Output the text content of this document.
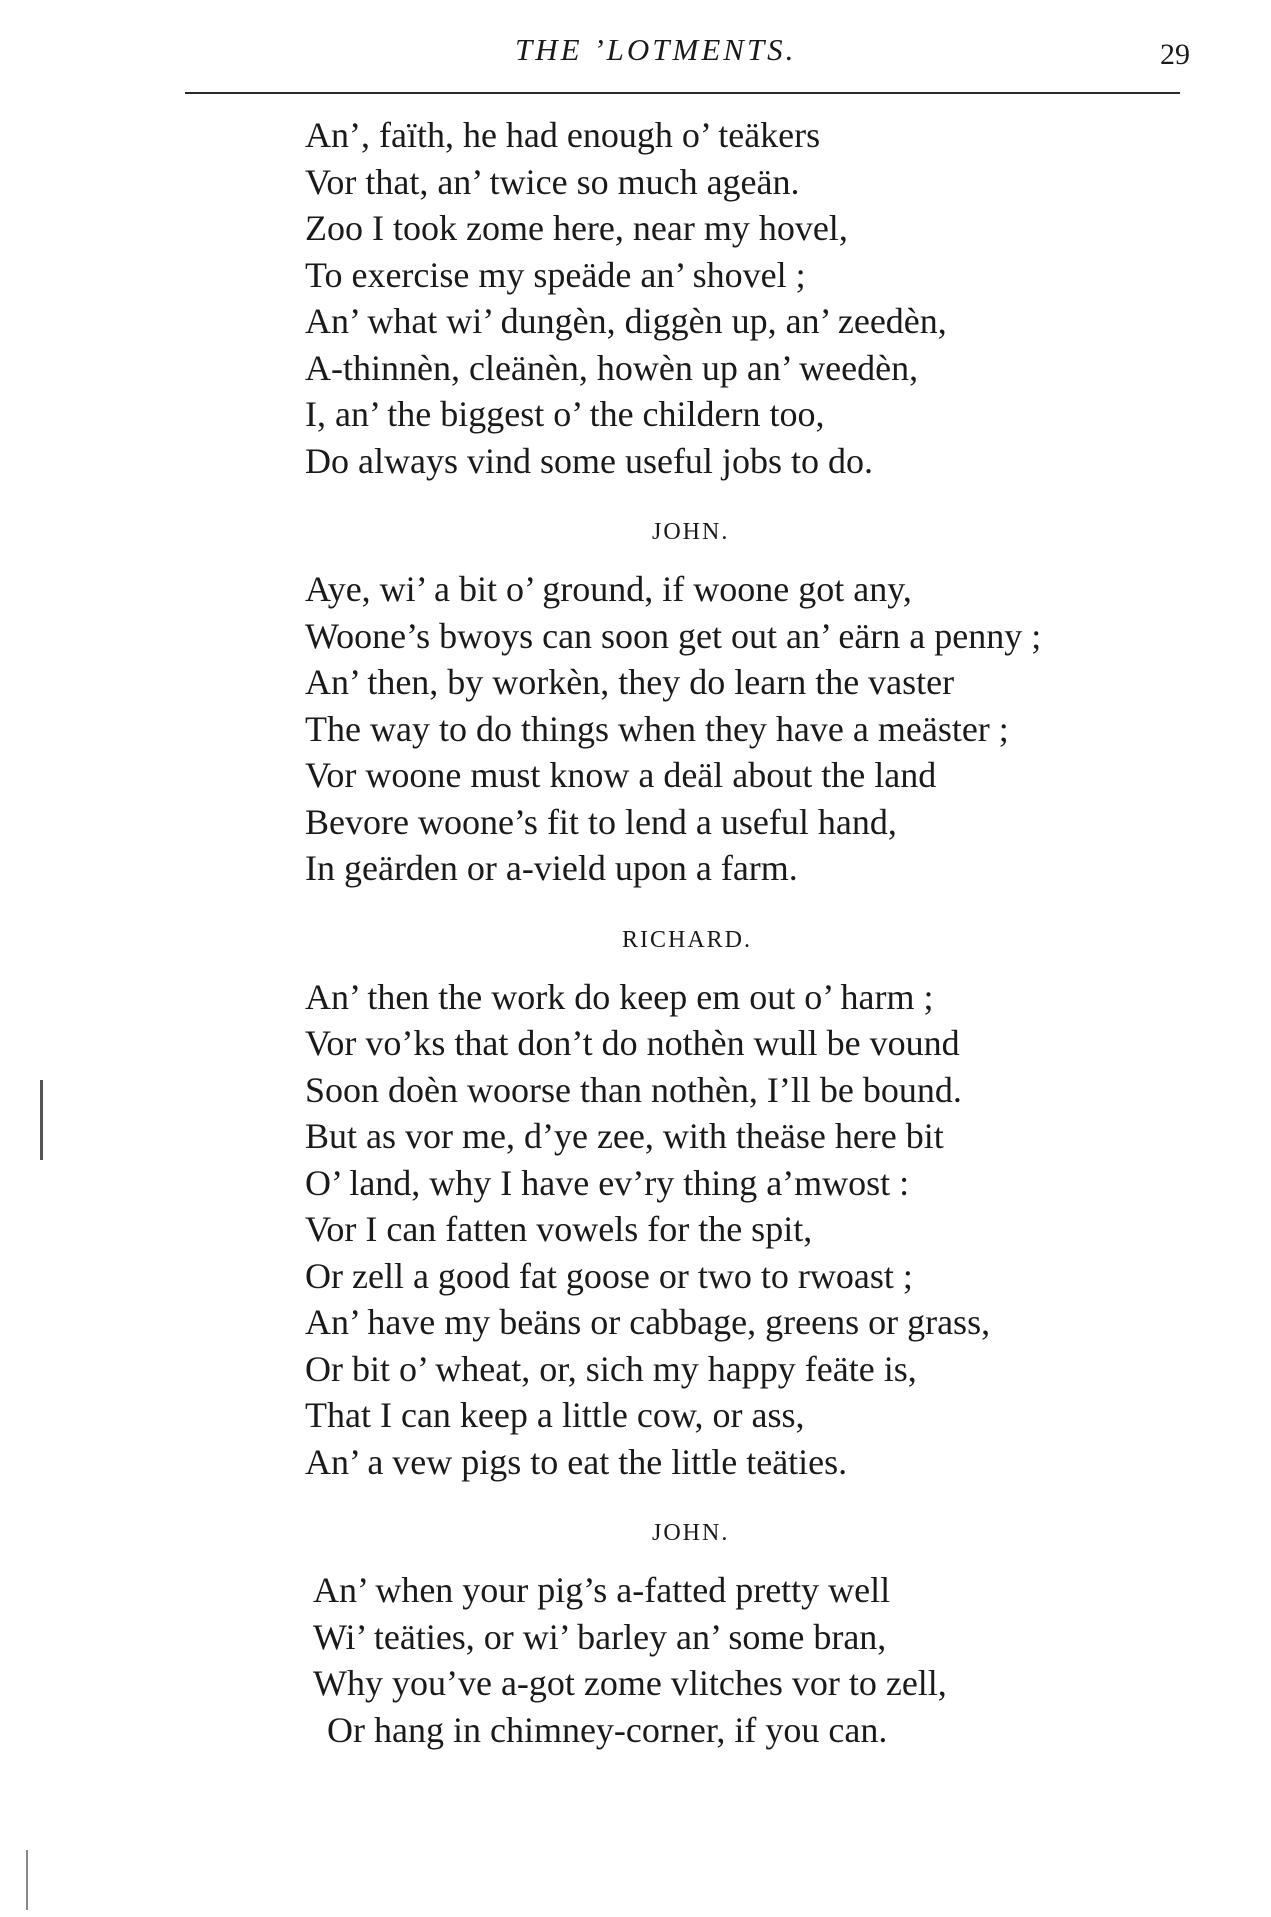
THE ’LOTMENTS.	29
An’, faïth, he had enough o’ teäkers
Vor that, an’ twice so much ageän.
Zoo I took zome here, near my hovel,
To exercise my speäde an’ shovel ;
An’ what wi’ dungèn, diggèn up, an’ zeedèn,
A-thinnèn, cleänèn, howèn up an’ weedèn,
I, an’ the biggest o’ the childern too,
Do always vind some useful jobs to do.
JOHN.
Aye, wi’ a bit o’ ground, if woone got any,
Woone’s bwoys can soon get out an’ eärn a penny ;
An’ then, by workèn, they do learn the vaster
The way to do things when they have a meäster ;
Vor woone must know a deäl about the land
Bevore woone’s fit to lend a useful hand,
In geärden or a-vield upon a farm.
RICHARD.
An’ then the work do keep em out o’ harm ;
Vor vo’ks that don’t do nothèn wull be vound
Soon doèn woorse than nothèn, I’ll be bound.
But as vor me, d’ye zee, with theäse here bit
O’ land, why I have ev’ry thing a’mwost :
Vor I can fatten vowels for the spit,
Or zell a good fat goose or two to rwoast ;
An’ have my beäns or cabbage, greens or grass,
Or bit o’ wheat, or, sich my happy feäte is,
That I can keep a little cow, or ass,
An’ a vew pigs to eat the little teäties.
JOHN.
An’ when your pig’s a-fatted pretty well
Wi’ teäties, or wi’ barley an’ some bran,
Why you’ve a-got zome vlitches vor to zell,
Or hang in chimney-corner, if you can.
